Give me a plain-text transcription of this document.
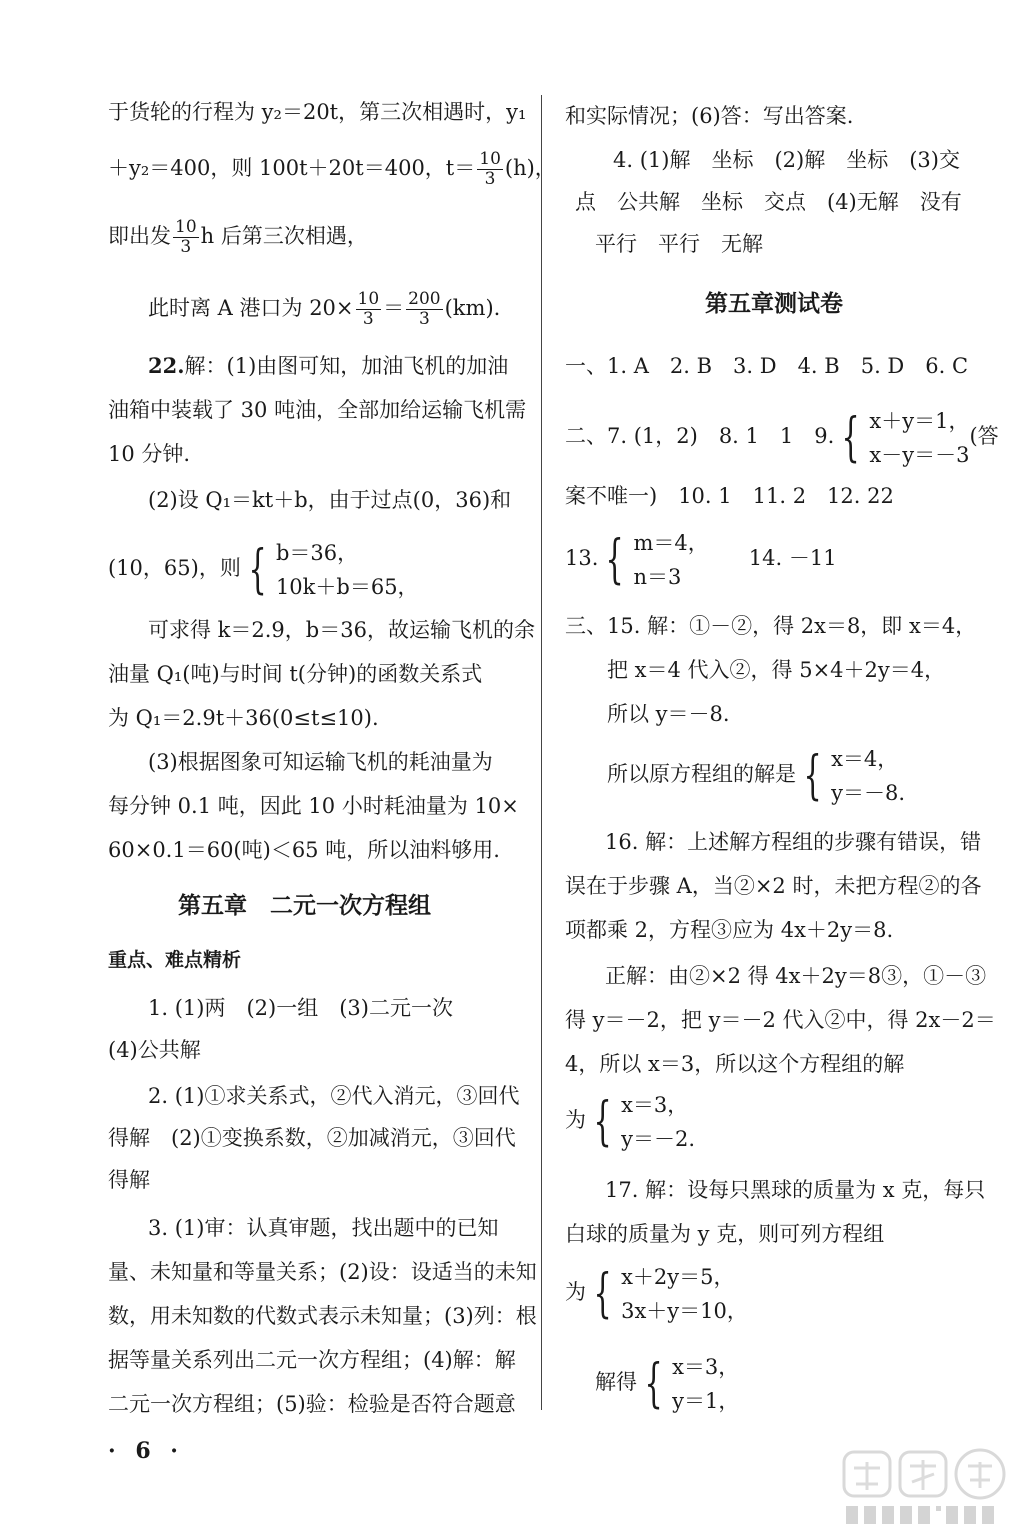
于货轮的行程为 y₂＝20t，第三次相遇时，y₁
＋y₂＝400，则 100t＋20t＝400，$t= \frac{10}{3} (h)$，
即出发 $\frac{10}{3}$ h 后第三次相遇，
此时离 A 港口为 $20\times \frac{10}{3} = \frac{200}{3} (km)$.
22.解：(1)由图可知，加油飞机的加油
油箱中装载了 30 吨油，全部加给运输飞机需
10 分钟.
(2)设 Q₁＝kt＋b，由于过点(0，36)和
(10，65)，则 { b＝36，
10k＋b＝65，
可求得 k＝2.9，b＝36，故运输飞机的余
油量 Q₁(吨)与时间 t(分钟)的函数关系式
为 Q₁＝2.9t＋36(0≤t≤10).
(3)根据图象可知运输飞机的耗油量为
每分钟 0.1 吨，因此 10 小时耗油量为 10×
60×0.1＝60(吨)＜65 吨，所以油料够用.
第五章　二元一次方程组
重点、难点精析
1. (1)两　(2)一组　(3)二元一次
(4)公共解
2. (1)①求关系式，②代入消元，③回代
得解　(2)①变换系数，②加减消元，③回代
得解
3. (1)审：认真审题，找出题中的已知
量、未知量和等量关系；(2)设：设适当的未知
数，用未知数的代数式表示未知量；(3)列：根
据等量关系列出二元一次方程组；(4)解：解
二元一次方程组；(5)验：检验是否符合题意
和实际情况；(6)答：写出答案.
4. (1)解　坐标　(2)解　坐标　(3)交
点　公共解　坐标　交点　(4)无解　没有
平行　平行　无解
第五章测试卷
一、1. A　2. B　3. D　4. B　5. D　6. C
二、7. (1，2)　8. 1　1　9. { x＋y＝1，
x－y＝－3
(答
案不唯一)　10. 1　11. 2　12. 22
13. { m＝4，
n＝3
14. －11
三、15. 解：①－②，得 2x＝8，即 x＝4，
把 x＝4 代入②，得 5×4＋2y＝4，
所以 y＝－8.
所以原方程组的解是 { x＝4，
y＝－8.
16. 解：上述解方程组的步骤有错误，错
误在于步骤 A，当②×2 时，未把方程②的各
项都乘 2，方程③应为 4x＋2y＝8.
正解：由②×2 得 4x＋2y＝8③，①－③
得 y＝－2，把 y＝－2 代入②中，得 2x－2＝
4，所以 x＝3，所以这个方程组的解
为 { x＝3，
y＝－2.
17. 解：设每只黑球的质量为 x 克，每只
白球的质量为 y 克，则可列方程组
为 { x＋2y＝5，
3x＋y＝10，
解得 { x＝3，
y＝1，
· 6 ·
